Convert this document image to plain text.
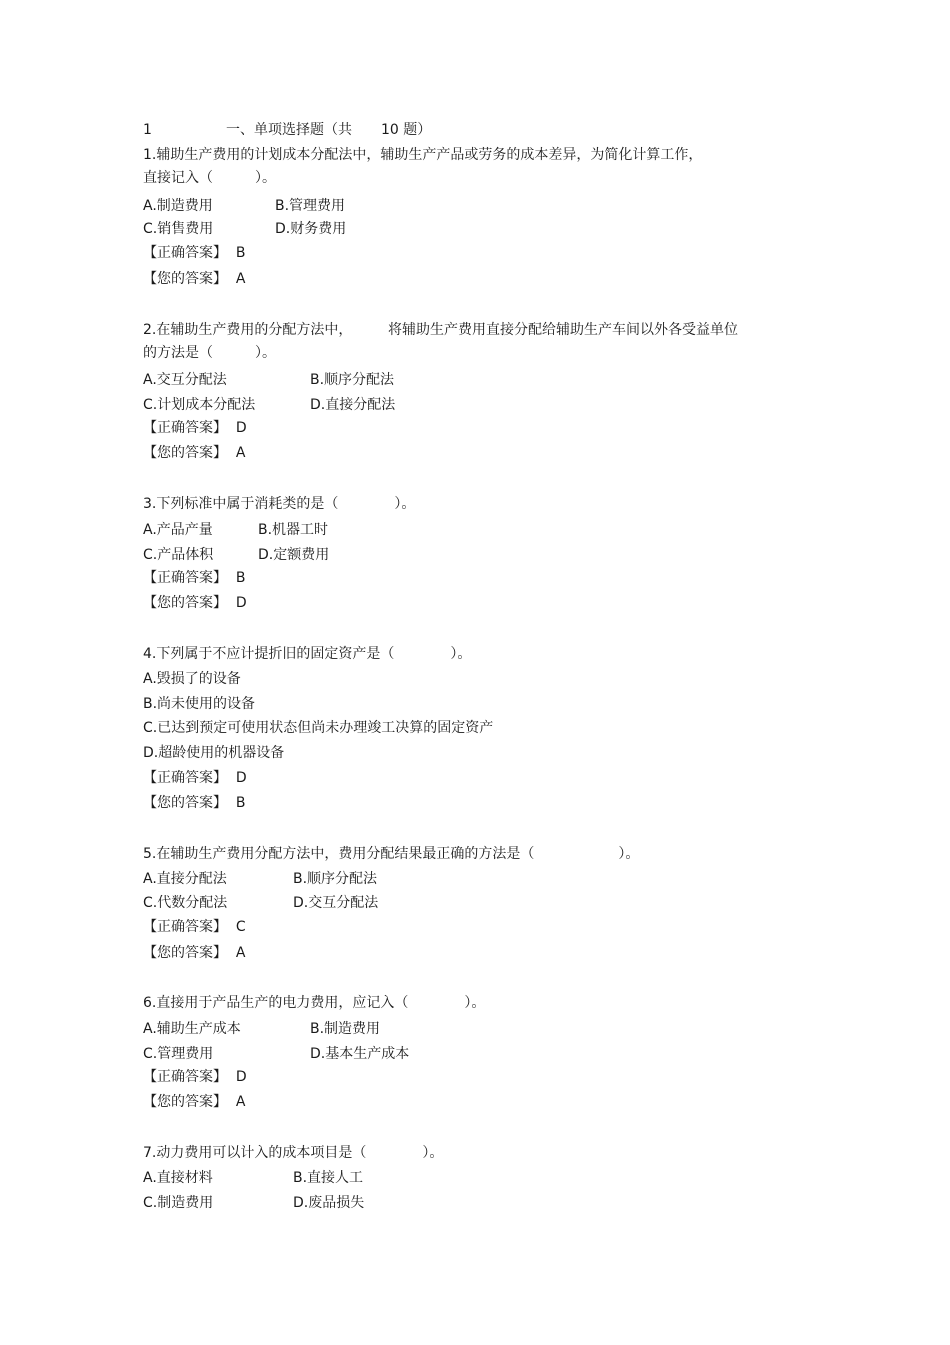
1	一、单项选择题（共 10 题）
1.辅助生产费用的计划成本分配法中，辅助生产产品或劳务的成本差异，为简化计算工作，
直接记入（　　　）。
A.制造费用	B.管理费用
C.销售费用	D.财务费用
【正确答案】  B
【您的答案】  A
2.在辅助生产费用的分配方法中，	将辅助生产费用直接分配给辅助生产车间以外各受益单位
的方法是（　　　）。
A.交互分配法	B.顺序分配法
C.计划成本分配法	D.直接分配法
【正确答案】  D
【您的答案】  A
3.下列标准中属于消耗类的是（　　　　）。
A.产品产量	B.机器工时
C.产品体积	D.定额费用
【正确答案】  B
【您的答案】  D
4.下列属于不应计提折旧的固定资产是（　　　　）。
A.毁损了的设备
B.尚未使用的设备
C.已达到预定可使用状态但尚未办理竣工决算的固定资产
D.超龄使用的机器设备
【正确答案】  D
【您的答案】  B
5.在辅助生产费用分配方法中，费用分配结果最正确的方法是（　　　　　　）。
A.直接分配法	B.顺序分配法
C.代数分配法	D.交互分配法
【正确答案】  C
【您的答案】  A
6.直接用于产品生产的电力费用，应记入（　　　　）。
A.辅助生产成本	B.制造费用
C.管理费用	D.基本生产成本
【正确答案】  D
【您的答案】  A
7.动力费用可以计入的成本项目是（　　　　）。
A.直接材料	B.直接人工
C.制造费用	D.废品损失
